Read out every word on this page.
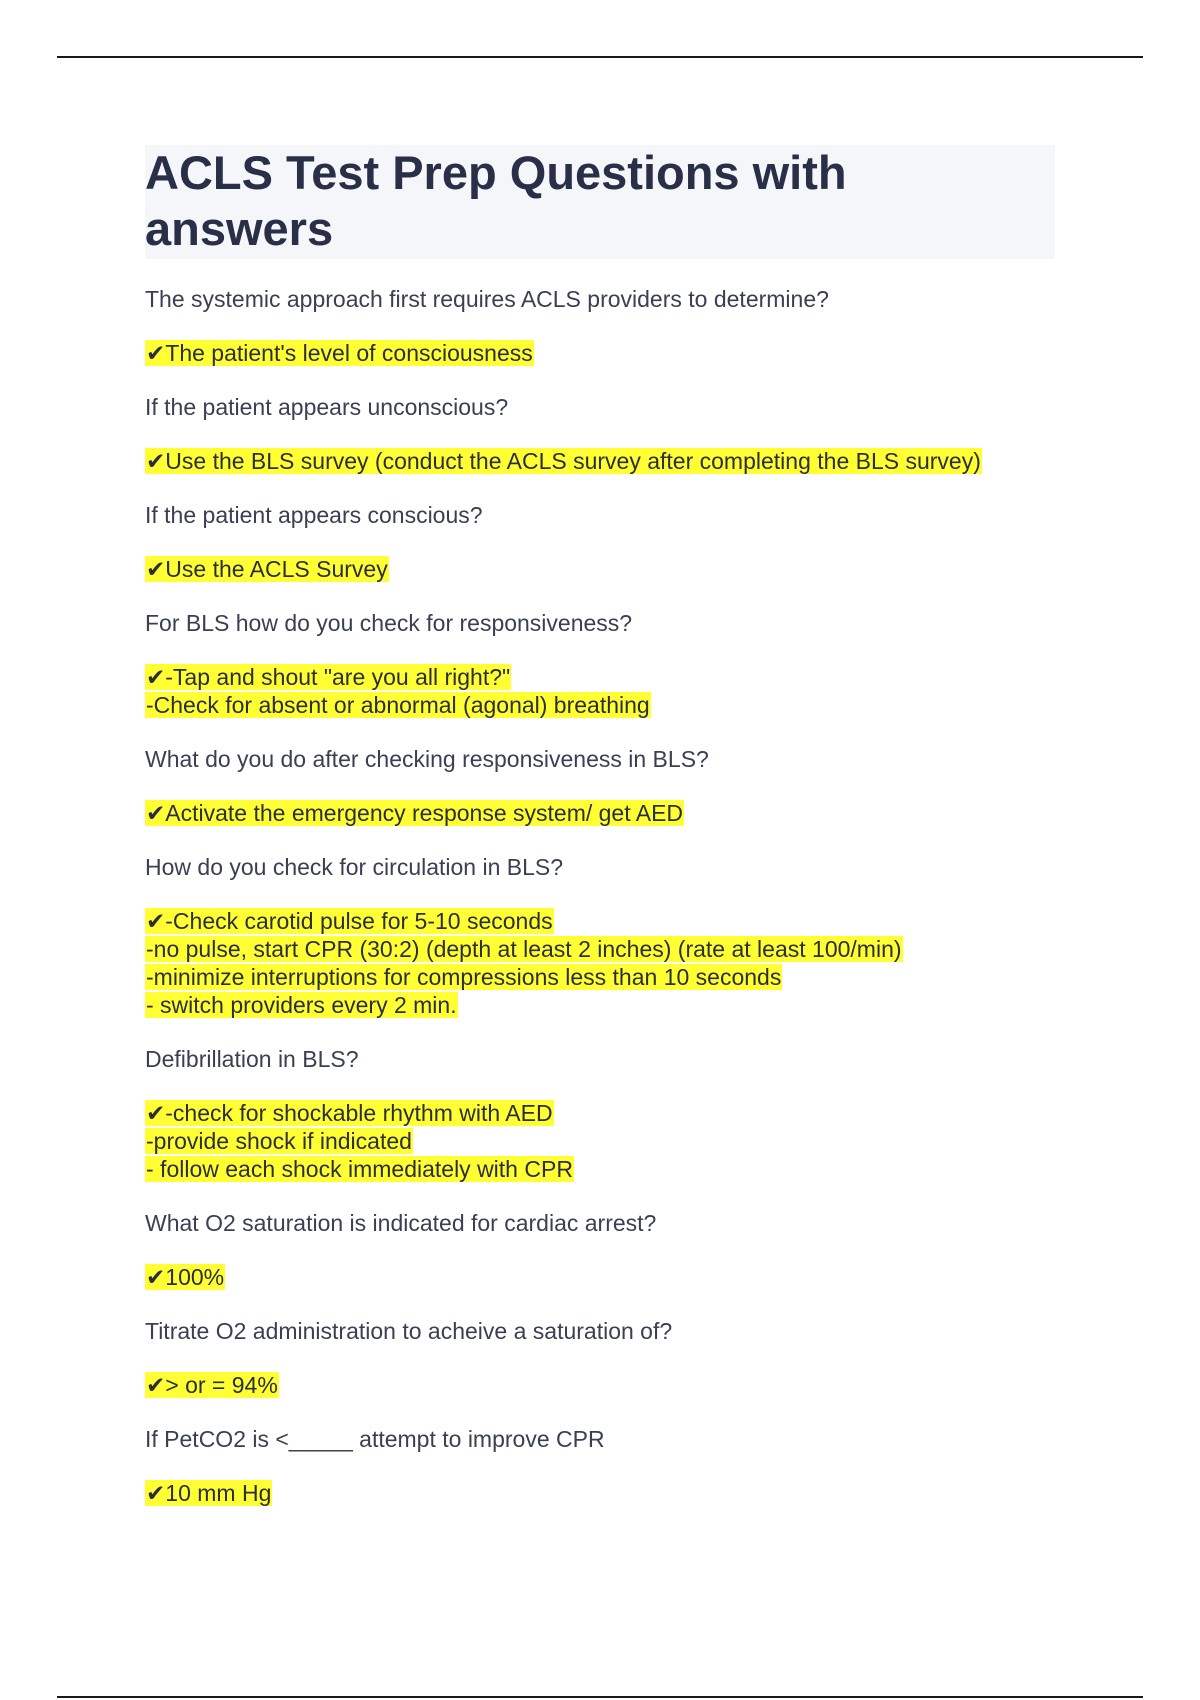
ACLS Test Prep Questions with answers
The systemic approach first requires ACLS providers to determine?
✔The patient's level of consciousness
If the patient appears unconscious?
✔Use the BLS survey (conduct the ACLS survey after completing the BLS survey)
If the patient appears conscious?
✔Use the ACLS Survey
For BLS how do you check for responsiveness?
✔-Tap and shout "are you all right?"
-Check for absent or abnormal (agonal) breathing
What do you do after checking responsiveness in BLS?
✔Activate the emergency response system/ get AED
How do you check for circulation in BLS?
✔-Check carotid pulse for 5-10 seconds
-no pulse, start CPR (30:2) (depth at least 2 inches) (rate at least 100/min)
-minimize interruptions for compressions less than 10 seconds
- switch providers every 2 min.
Defibrillation in BLS?
✔-check for shockable rhythm with AED
-provide shock if indicated
- follow each shock immediately with CPR
What O2 saturation is indicated for cardiac arrest?
✔100%
Titrate O2 administration to acheive a saturation of?
✔> or = 94%
If PetCO2 is <_____ attempt to improve CPR
✔10 mm Hg
